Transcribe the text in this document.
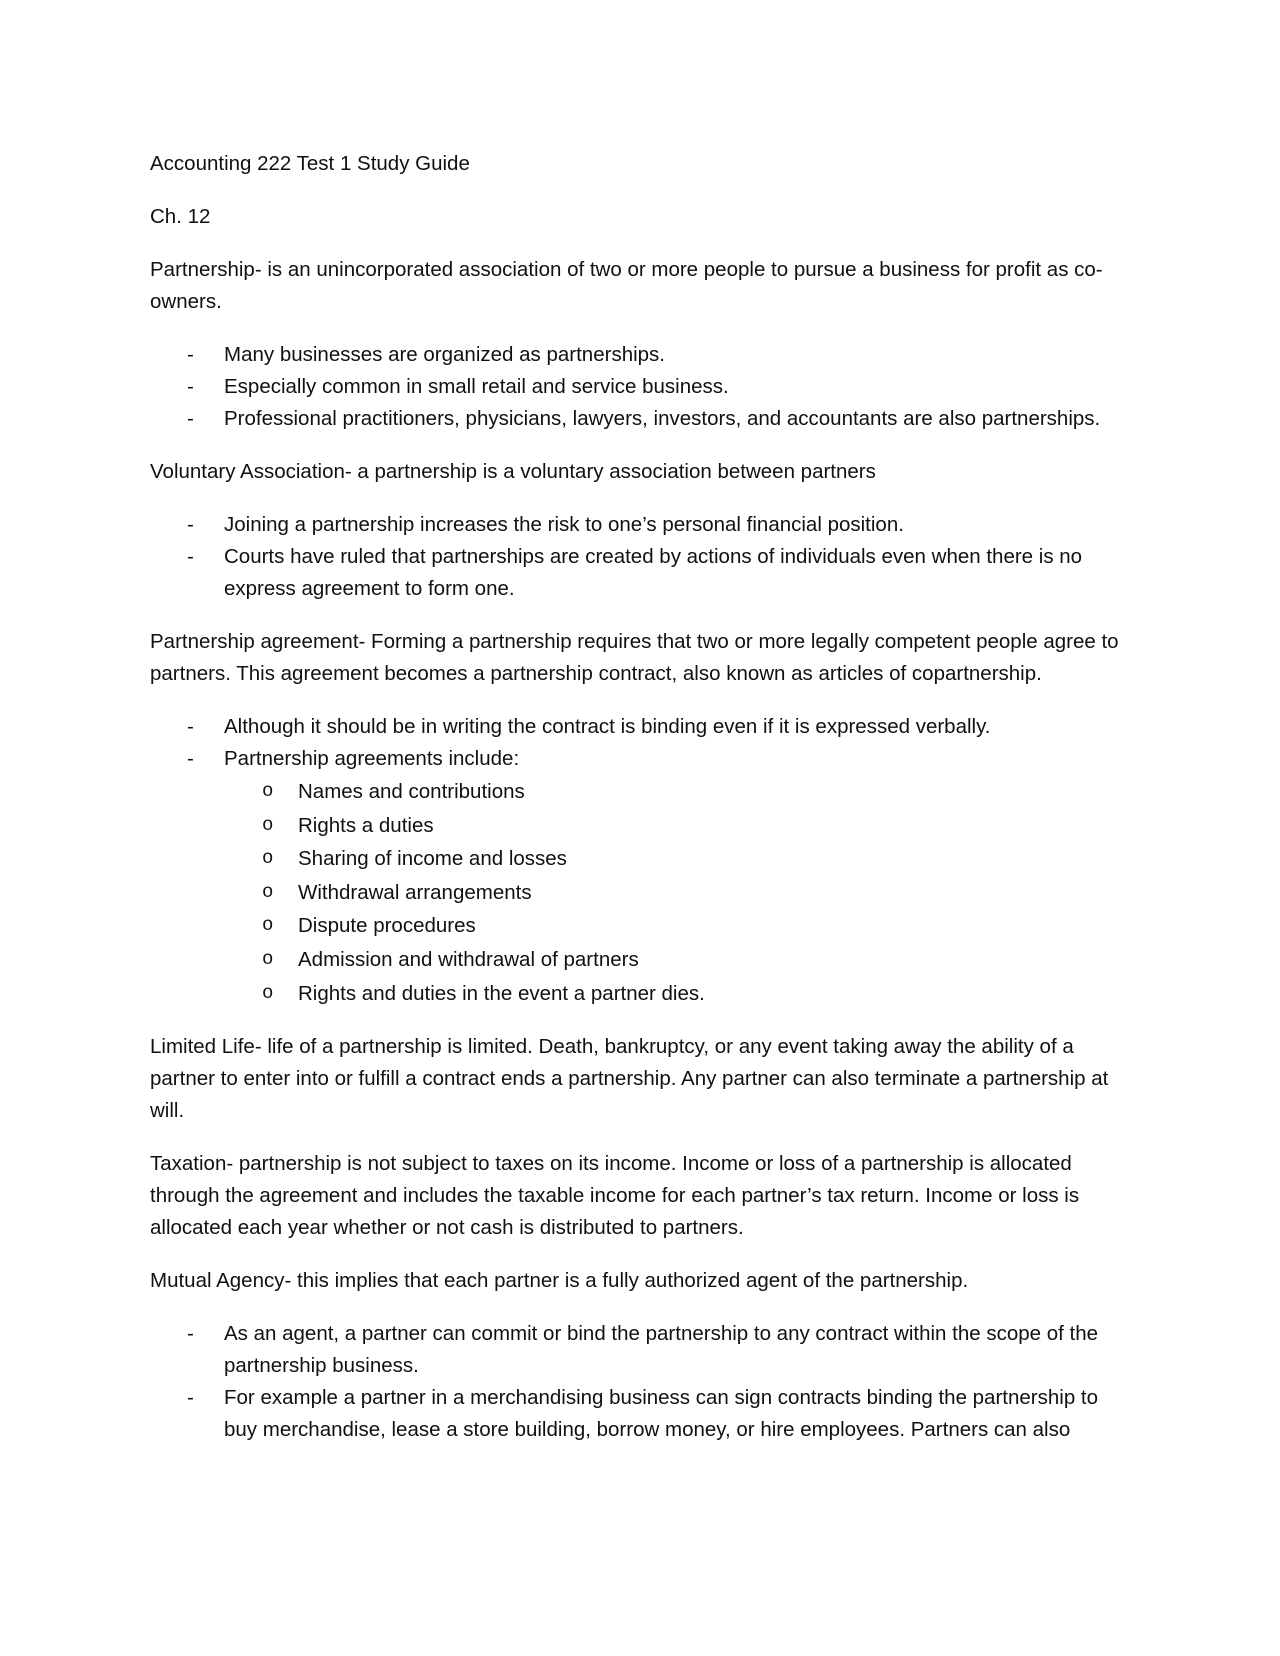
Accounting 222 Test 1 Study Guide

Ch. 12

Partnership- is an unincorporated association of two or more people to pursue a business for profit as co-owners.

- Many businesses are organized as partnerships.
- Especially common in small retail and service business.
- Professional practitioners, physicians, lawyers, investors, and accountants are also partnerships.

Voluntary Association- a partnership is a voluntary association between partners

- Joining a partnership increases the risk to one’s personal financial position.
- Courts have ruled that partnerships are created by actions of individuals even when there is no express agreement to form one.

Partnership agreement- Forming a partnership requires that two or more legally competent people agree to partners. This agreement becomes a partnership contract, also known as articles of copartnership.

- Although it should be in writing the contract is binding even if it is expressed verbally.
- Partnership agreements include:
o Names and contributions
o Rights a duties
o Sharing of income and losses
o Withdrawal arrangements
o Dispute procedures
o Admission and withdrawal of partners
o Rights and duties in the event a partner dies.

Limited Life- life of a partnership is limited. Death, bankruptcy, or any event taking away the ability of a partner to enter into or fulfill a contract ends a partnership. Any partner can also terminate a partnership at will.

Taxation- partnership is not subject to taxes on its income. Income or loss of a partnership is allocated through the agreement and includes the taxable income for each partner’s tax return. Income or loss is allocated each year whether or not cash is distributed to partners.

Mutual Agency- this implies that each partner is a fully authorized agent of the partnership.

- As an agent, a partner can commit or bind the partnership to any contract within the scope of the partnership business.
- For example a partner in a merchandising business can sign contracts binding the partnership to buy merchandise, lease a store building, borrow money, or hire employees. Partners can also
